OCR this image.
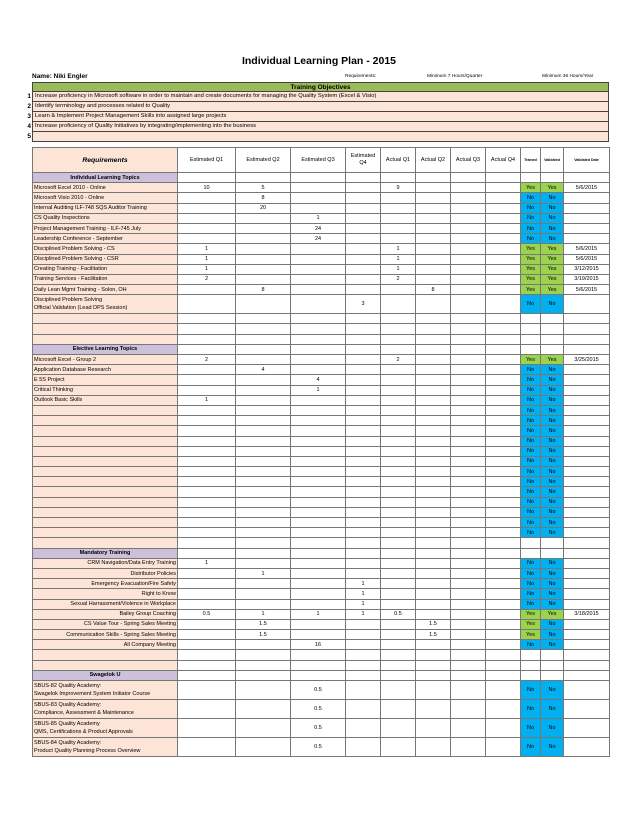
Individual Learning Plan - 2015
Name: Niki Engler	Requirements:	Minimum 7 Hours/Quarter	Minimum 36 Hours/Year
Training Objectives
1 Increase proficiency in Microsoft software in order to maintain and create documents for managing the Quality System (Excel & Visio)
2 Identify terminology and processes related to Quality
3 Learn & Implement Project Management Skills into assigned large projects
4 Increase proficiency of Quality Initiatives by integrating/implementing into the business
5
Requirements	Estimated Q1	Estimated Q2	Estimated Q3	Estimated Q4	Actual Q1	Actual Q2	Actual Q3	Actual Q4	Trained	Validated	Validated Date
Individual Learning Topics											
Microsoft Excel 2010 - Online	10	5			9				Yes	Yes	5/6/2015
Microsoft Visio 2010 - Online		8							No	No	
Internal Auditing ILF-748 SQS Auditor Training		20							No	No	
CS Quality Inspections			1						No	No	
Project Management Training - ILF-745 July			24						No	No	
Leadership Conference - September			24						No	No	
Disciplined Problem Solving - CS	1				1				Yes	Yes	5/6/2015
Disciplined Problem Solving - CSR	1				1				Yes	Yes	5/6/2015
Creating Training - Facilitation	1				1				Yes	Yes	3/12/2015
Training Services - Facilitation	2				2				Yes	Yes	3/19/2015
Daily Lean Mgmt Training - Solon, OH		8				8			Yes	Yes	5/6/2015

Disciplined Problem Solving
Official Validation (Lead DPS Session)				3					No	No	

Elective Learning Topics											
Microsoft Excel - Group 2	2				2				Yes	Yes	3/25/2015
Application Database Research		4							No	No	
E 5S Project			4						No	No	
Critical Thinking			1						No	No	
Outlook Basic Skills	1								No	No	
									No	No	
									No	No	
									No	No	
									No	No	
									No	No	
									No	No	
									No	No	
									No	No	
									No	No	
									No	No	
									No	No	
									No	No	
									No	No	

Mandatory Training											
CRM Navigation/Data Entry Training	1								No	No	
Distributor Policies		1							No	No	
Emergency Evacuation/Fire Safety				1					No	No	
Right to Know				1					No	No	
Sexual Harrassment/Violence in Workplace				1					No	No	
Bailey Group Coaching	0.5	1	1	1	0.5				Yes	Yes	3/18/2015
CS Value Tour - Spring Sales Meeting		1.5				1.5			Yes	No	
Communication Skills - Spring Sales Meeting		1.5				1.5			Yes	No	
All Company Meeting			16						No	No	

Swagelok U											

SBUS-82 Quality Academy:
Swagelok Improvement System Initiator Course			0.5						No	No	

SBUS-83 Quality Academy:
Compliance, Assessment & Maintenance			0.5						No	No	

SBUS-85 Quality Academy
QMS, Certifications & Product Approvals			0.5						No	No	

SBUS-84 Quality Academy:
Product Quality Planning Process Overview			0.5						No	No	
